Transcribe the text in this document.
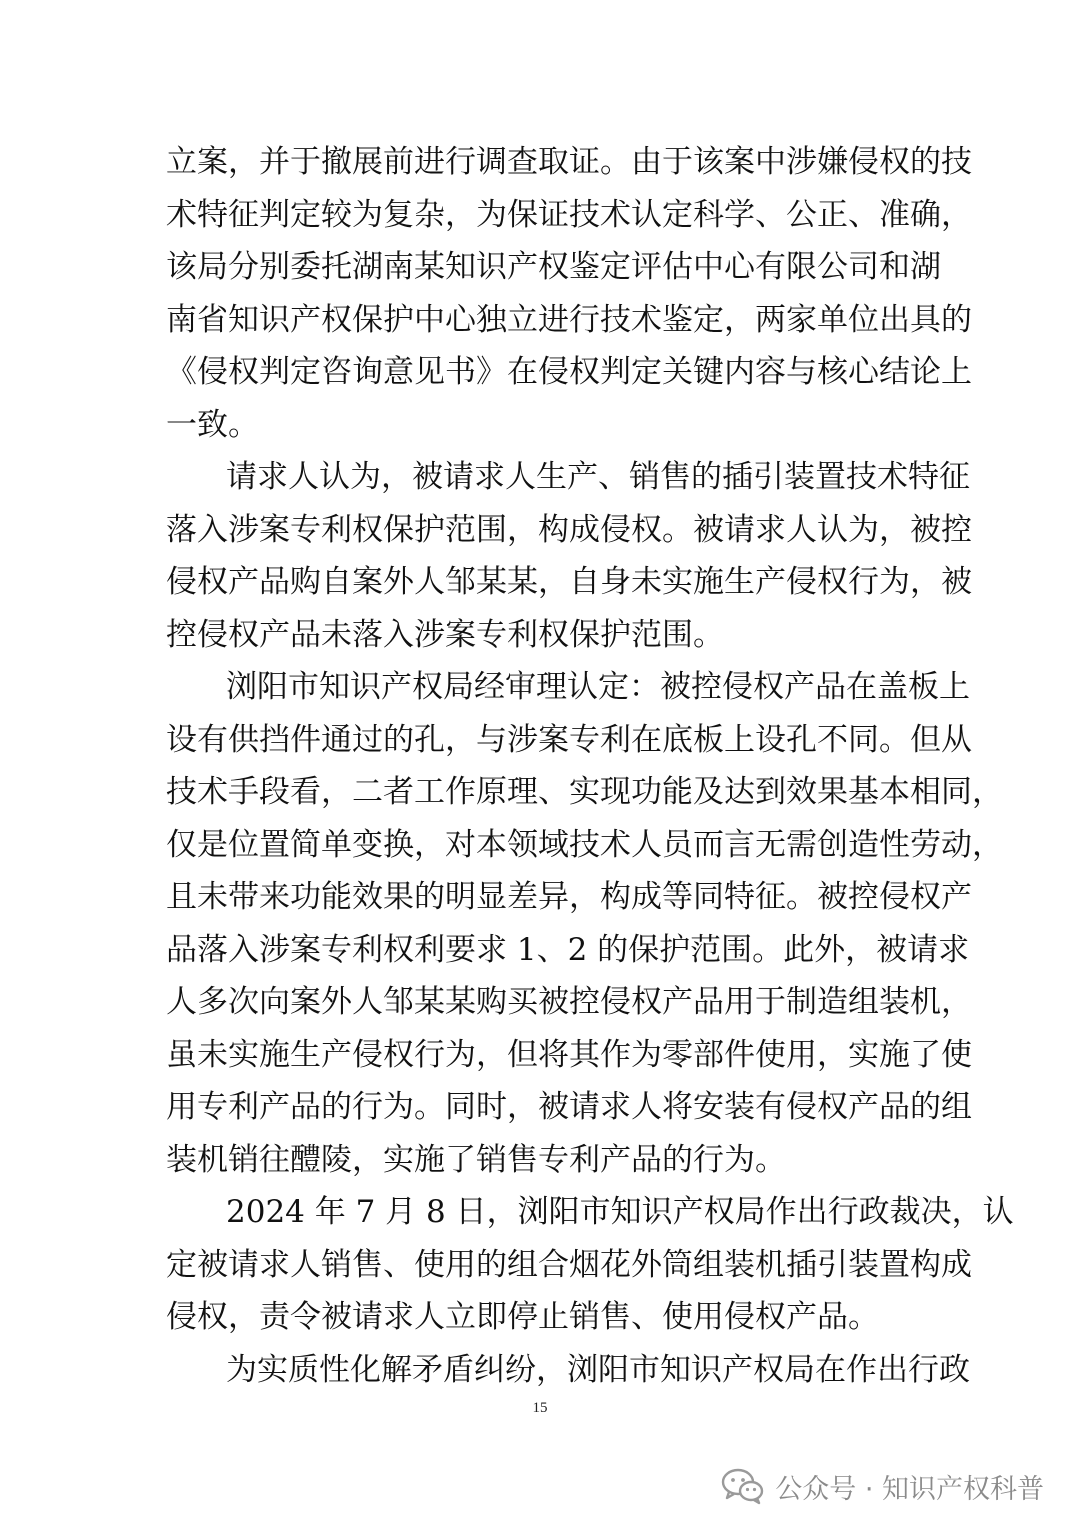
立案，并于撤展前进行调查取证。由于该案中涉嫌侵权的技
术特征判定较为复杂，为保证技术认定科学、公正、准确，
该局分别委托湖南某知识产权鉴定评估中心有限公司和湖
南省知识产权保护中心独立进行技术鉴定，两家单位出具的
《侵权判定咨询意见书》在侵权判定关键内容与核心结论上
一致。
请求人认为，被请求人生产、销售的插引装置技术特征
落入涉案专利权保护范围，构成侵权。被请求人认为，被控
侵权产品购自案外人邹某某，自身未实施生产侵权行为，被
控侵权产品未落入涉案专利权保护范围。
浏阳市知识产权局经审理认定：被控侵权产品在盖板上
设有供挡件通过的孔，与涉案专利在底板上设孔不同。但从
技术手段看，二者工作原理、实现功能及达到效果基本相同，
仅是位置简单变换，对本领域技术人员而言无需创造性劳动，
且未带来功能效果的明显差异，构成等同特征。被控侵权产
品落入涉案专利权利要求 1、2 的保护范围。此外，被请求
人多次向案外人邹某某购买被控侵权产品用于制造组装机，
虽未实施生产侵权行为，但将其作为零部件使用，实施了使
用专利产品的行为。同时，被请求人将安装有侵权产品的组
装机销往醴陵，实施了销售专利产品的行为。
2024 年 7 月 8 日，浏阳市知识产权局作出行政裁决，认
定被请求人销售、使用的组合烟花外筒组装机插引装置构成
侵权，责令被请求人立即停止销售、使用侵权产品。
为实质性化解矛盾纠纷，浏阳市知识产权局在作出行政
15
公众号 · 知识产权科普
